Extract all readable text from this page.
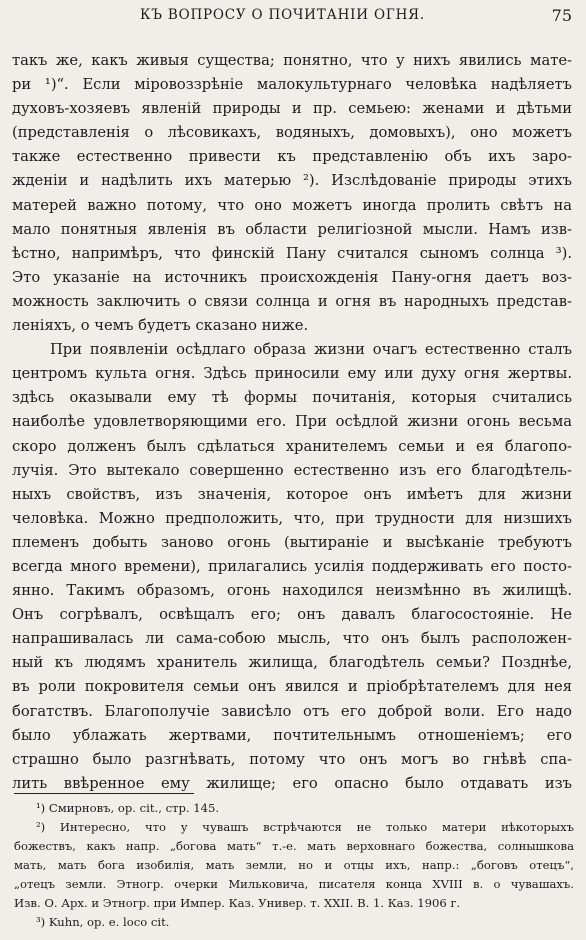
КЪ ВОПРОСУ О ПОЧИТАНІИ ОГНЯ.	75
такъ же, какъ живыя существа; понятно, что у нихъ явились мате-
ри ¹)“. Если міровоззрѣніе малокультурнаго человѣка надѣляетъ
духовъ-хозяевъ явленій природы и пр. семьею: женами и дѣтьми
(представленія о лѣсовикахъ, водяныхъ, домовыхъ), оно можетъ
также естественно привести къ представленію объ ихъ заро-
жденіи и надѣлить ихъ матерью ²). Изслѣдованіе природы этихъ
матерей важно потому, что оно можетъ иногда пролить свѣтъ на
мало понятныя явленія въ области религіозной мысли. Намъ изв-
ѣстно, напримѣръ, что финскій Пану считался сыномъ солнца ³).
Это указаніе на источникъ происхожденія Пану-огня даетъ воз-
можность заключить о связи солнца и огня въ народныхъ представ-
леніяхъ, о чемъ будетъ сказано ниже.
При появленіи осѣдлаго образа жизни очагъ естественно сталъ
центромъ культа огня. Здѣсь приносили ему или духу огня жертвы.
здѣсь оказывали ему тѣ формы почитанія, которыя считались
наиболѣе удовлетворяющими его. При осѣдлой жизни огонь весьма
скоро долженъ былъ сдѣлаться хранителемъ семьи и ея благопо-
лучія. Это вытекало совершенно естественно изъ его благодѣтель-
ныхъ свойствъ, изъ значенія, которое онъ имѣетъ для жизни
человѣка. Можно предположить, что, при трудности для низшихъ
племенъ добыть заново огонь (вытираніе и высѣканіе требуютъ
всегда много времени), прилагались усилія поддерживать его посто-
янно. Такимъ образомъ, огонь находился неизмѣнно въ жилищѣ.
Онъ согрѣвалъ, освѣщалъ его; онъ давалъ благосостояніе. Не
напрашивалась ли сама-собою мысль, что онъ былъ расположен-
ный къ людямъ хранитель жилища, благодѣтель семьи? Позднѣе,
въ роли покровителя семьи онъ явился и пріобрѣтателемъ для нея
богатствъ. Благополучіе зависѣло отъ его доброй воли. Его надо
было ублажать жертвами, почтительнымъ отношеніемъ; его
страшно было разгнѣвать, потому что онъ могъ во гнѣвѣ спа-
лить ввѣренное ему жилище; его опасно было отдавать изъ
¹) Смирновъ, ор. cit., стр. 145.
²) Интересно, что у чувашъ встрѣчаются не только матери нѣкоторыхъ
божествъ, какъ напр. „богова мать“ т.-е. мать верховнаго божества, солнышкова
мать, мать бога изобилія, мать земли, но и отцы ихъ, напр.: „боговъ отецъ“,
„отецъ земли. Этногр. очерки Мильковича, писателя конца XVIII в. о чувашахъ.
Изв. О. Арх. и Этногр. при Импер. Каз. Универ. т. XXII. В. 1. Каз. 1906 г.
³) Kuhn, ор. e. loco cit.
